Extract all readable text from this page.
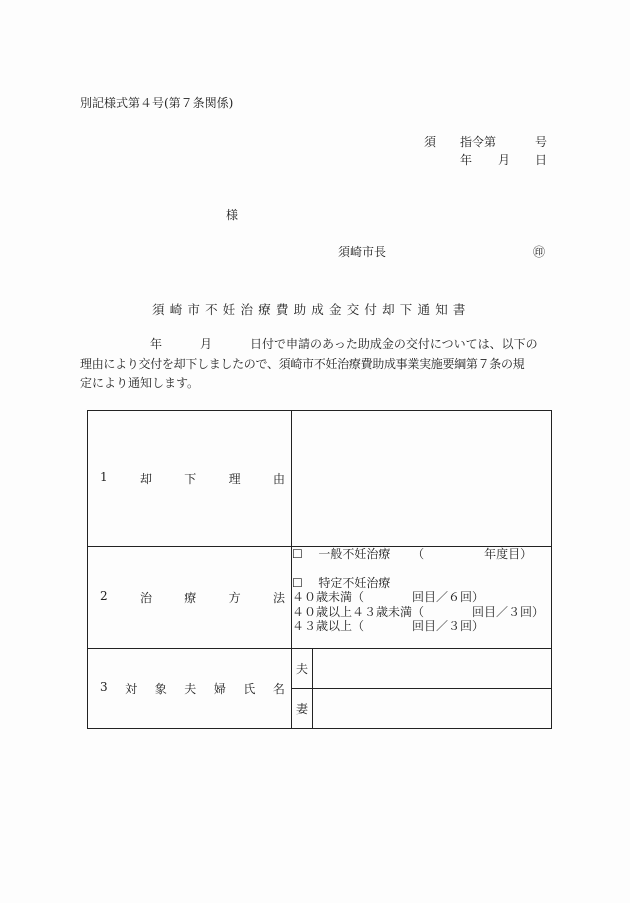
別記様式第４号(第７条関係)
須 指令第	号
年 月 日
様
須崎市長	㊞
須崎市不妊治療費助成金交付却下通知書
年	月	日付で申請のあった助成金の交付については、以下の
理由により交付を却下しましたので、須崎市不妊治療費助成事業実施要綱第７条の規
定により通知します。
1 却 下 理 由		

2	治	療	方	法

☐ 一般不妊治療 （　　　　　年度目）
☐ 特定不妊治療
４０歳未満（　　　　回目／６回）
４０歳以上４３歳未満（　　　　回目／３回）
４３歳以上（　　　　回目／３回）

3 対 象 夫 婦 氏 名
	夫	
	妻	
